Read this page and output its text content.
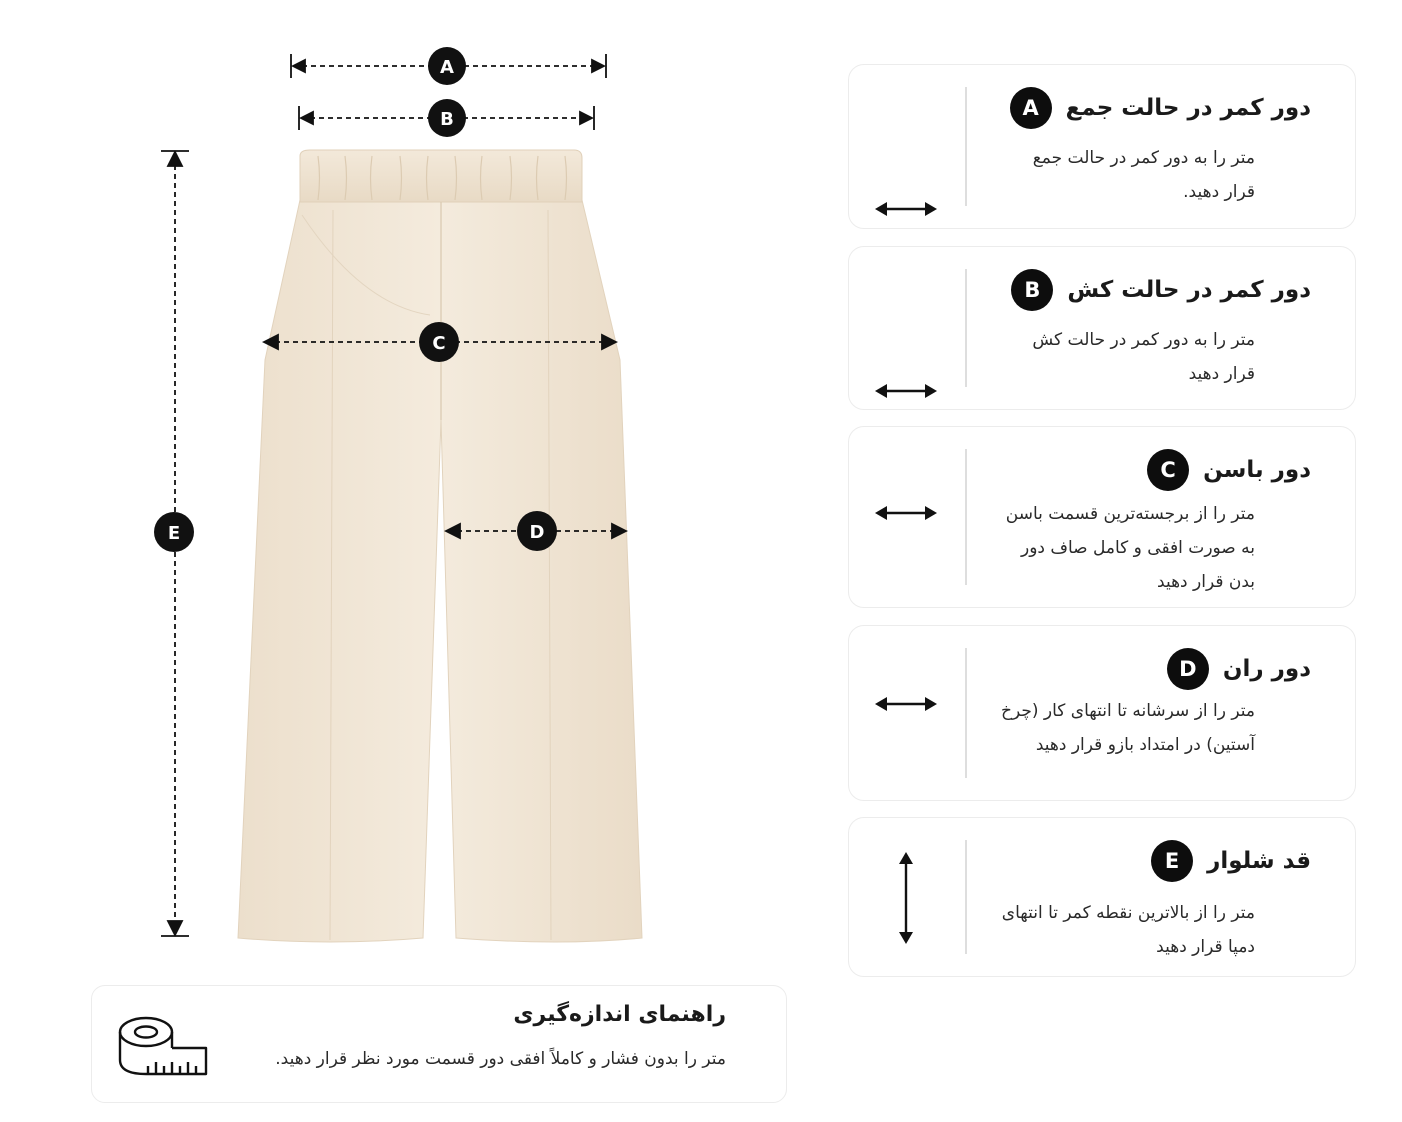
A
B
C
D
E
دور کمر در حالت جمع
A
متر را به دور کمر در حالت جمع قرار دهید.
دور کمر در حالت کش
B
متر را به دور کمر در حالت کش قرار دهید
دور باسن
C
متر را از برجسته‌ترین قسمت باسن به صورت افقی و کامل صاف دور بدن قرار دهید
دور ران
D
متر را از سرشانه تا انتهای کار (چرخ آستین) در امتداد بازو قرار دهید
قد شلوار
E
متر را از بالاترین نقطه کمر تا انتهای دمپا قرار دهید
راهنمای اندازه‌گیری
متر را بدون فشار و کاملاً افقی دور قسمت مورد نظر قرار دهید.
